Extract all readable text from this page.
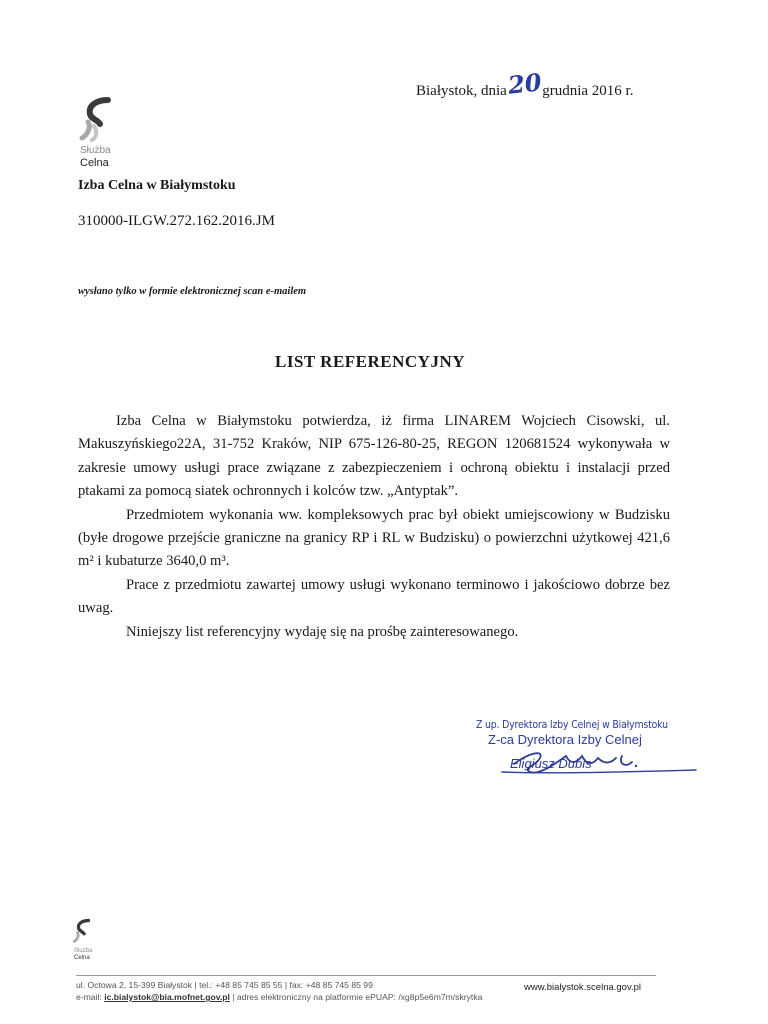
Białystok, dnia20grudnia 2016 r.
Służba
Celna
Izba Celna w Białymstoku
310000-ILGW.272.162.2016.JM
wysłano tylko w formie elektronicznej scan e-mailem
LIST REFERENCYJNY

Izba Celna w Białymstoku potwierdza, iż firma LINAREM Wojciech Cisowski, ul. Makuszyńskiego22A, 31-752 Kraków, NIP 675-126-80-25, REGON 120681524 wykonywała w zakresie umowy usługi prace związane z zabezpieczeniem i ochroną obiektu i instalacji przed ptakami za pomocą siatek ochronnych i kolców tzw. „Antyptak”.

Przedmiotem wykonania ww. kompleksowych prac był obiekt umiejscowiony w Budzisku (byłe drogowe przejście graniczne na granicy RP i RL w Budzisku) o powierzchni użytkowej 421,6 m² i kubaturze 3640,0 m³.

Prace z przedmiotu zawartej umowy usługi wykonano terminowo i jakościowo dobrze bez uwag.

Niniejszy list referencyjny wydaję się na prośbę zainteresowanego.

Z up. Dyrektora Izby Celnej w Białymstoku
Z-ca Dyrektora Izby Celnej
Eligiusz Dubis
Służba
Celna
ul. Octowa 2, 15-399 Białystok | tel.: +48 85 745 85 55 | fax: +48 85 745 85 99
e-mail: ic.bialystok@bia.mofnet.gov.pl | adres elektroniczny na platformie ePUAP: /xg8p5e6m7m/skrytka
www.bialystok.scelna.gov.pl
